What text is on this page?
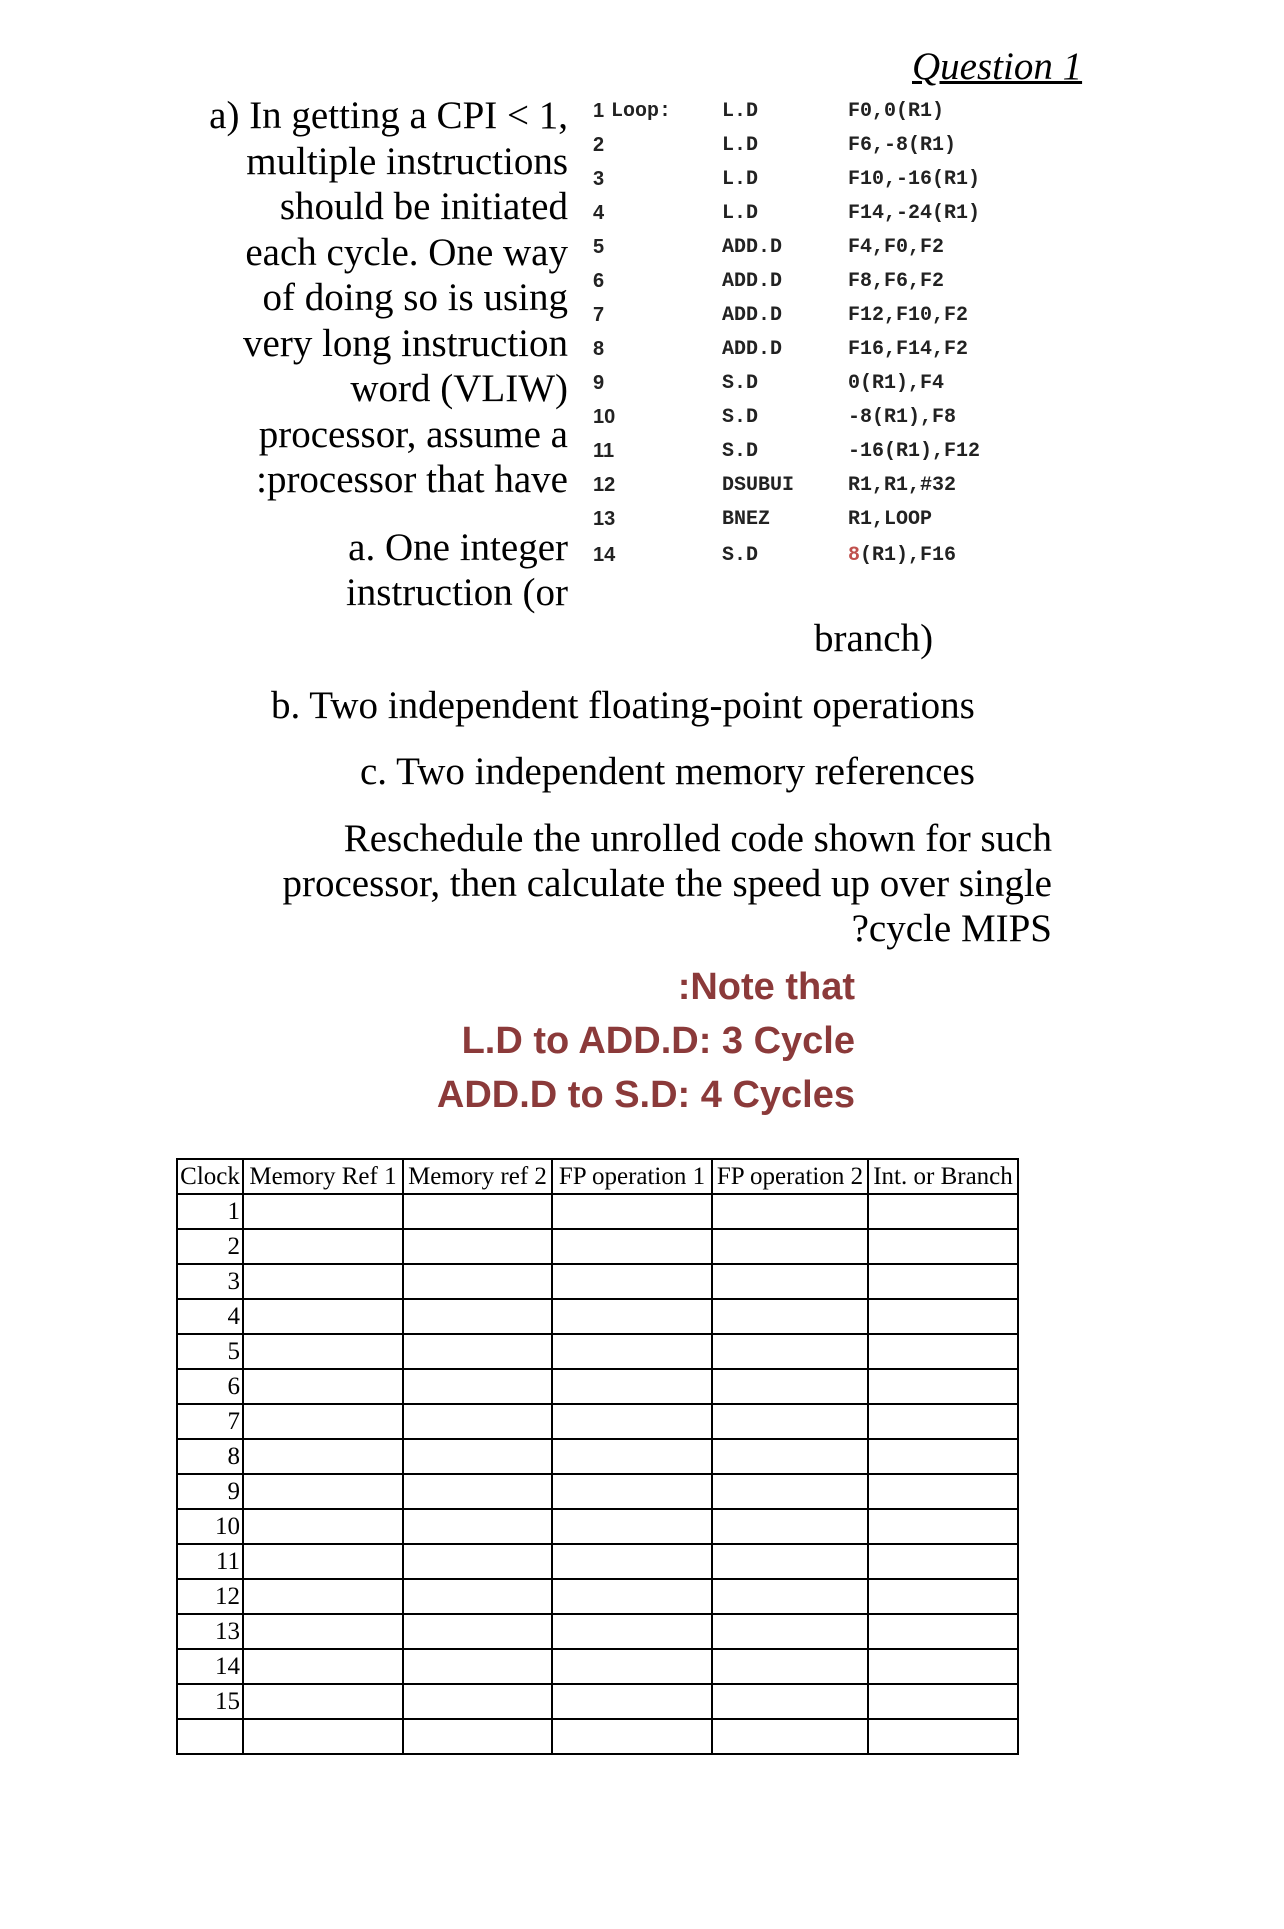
Question 1
a) In getting a CPI < 1,
multiple instructions
should be initiated
each cycle. One way
of doing so is using
very long instruction
word (VLIW)
processor, assume a
:processor that have
a. One integer
instruction (or
1 Loop:	L.D	F0,0(R1)
2	L.D	F6,-8(R1)
3	L.D	F10,-16(R1)
4	L.D	F14,-24(R1)
5	ADD.D	F4,F0,F2
6	ADD.D	F8,F6,F2
7	ADD.D	F12,F10,F2
8	ADD.D	F16,F14,F2
9	S.D	0(R1),F4
10	S.D	-8(R1),F8
11	S.D	-16(R1),F12
12	DSUBUI	R1,R1,#32
13	BNEZ	R1,LOOP
14	S.D	8(R1),F16
branch)
b. Two independent floating-point operations
c. Two independent memory references
Reschedule the unrolled code shown for such
processor, then calculate the speed up over single
?cycle MIPS
:Note that
L.D to ADD.D: 3 Cycle
ADD.D to S.D: 4 Cycles
Clock	Memory Ref 1	Memory ref 2	FP operation 1	FP operation 2	Int. or Branch
1					
2					
3					
4					
5					
6					
7					
8					
9					
10					
11					
12					
13					
14					
15					
